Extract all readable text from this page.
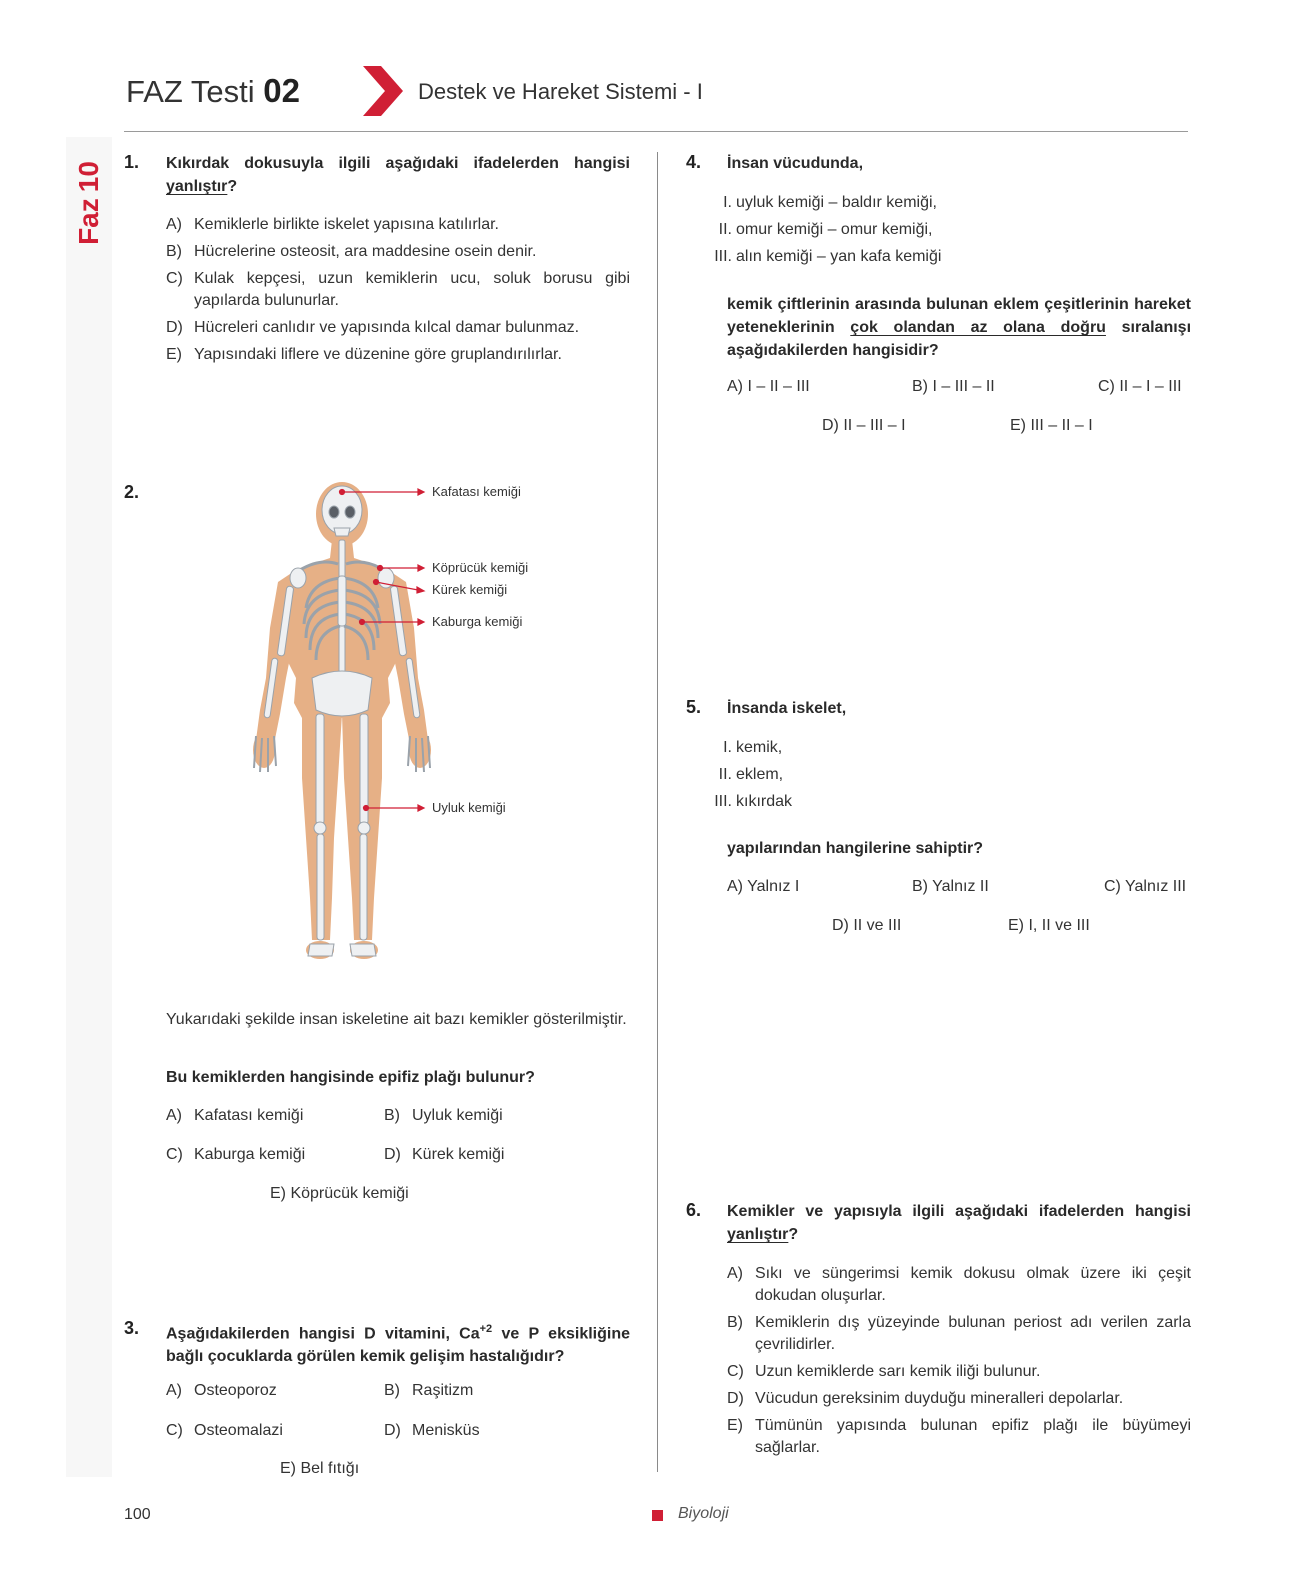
FAZ Testi 02	Destek ve Hareket Sistemi - I
Faz10 1. Kıkırdak dokusuyla ilgili aşağıdaki ifadelerden hangisi yanlıştır?
A) Kemiklerle birlikte iskelet yapısına katılırlar.
B) Hücrelerine osteosit, ara maddesine osein denir.
C) Kulak kepçesi, uzun kemiklerin ucu, soluk borusu gibi yapılarda bulunurlar.
D) Hücreleri canlıdır ve yapısında kılcal damar bulunmaz.
E) Yapısındaki liflere ve düzenine göre gruplandırılırlar.
2.	Kafatası kemiği
Köprücük kemiği
Kürek kemiği
Kaburga kemiği
Uyluk kemiği
Yukarıdaki şekilde insan iskeletine ait bazı kemikler gösterilmiştir.
Bu kemiklerden hangisinde epifiz plağı bulunur?
A) Kafatası kemiği	B) Uyluk kemiği
C) Kaburga kemiği	D) Kürek kemiği
E) Köprücük kemiği
3. Aşağıdakilerden hangisi D vitamini, $Ca^{+2}$ ve P eksikliğine bağlı çocuklarda görülen kemik gelişim hastalığıdır?
A) Osteoporoz	B) Raşitizm
C) Osteomalazi	D) Menisküs
E) Bel fıtığı
4. İnsan vücudunda,
I. uyluk kemiği – baldır kemiği,
II. omur kemiği – omur kemiği,
III. alın kemiği – yan kafa kemiği
kemik çiftlerinin arasında bulunan eklem çeşitlerinin hareket yeteneklerinin çok olandan az olana doğru sıralanışı aşağıdakilerden hangisidir?
A) I – II – III	B) I – III – II	C) II – I – III
D) II – III – I	E) III – II – I
5. İnsanda iskelet,
I. kemik,
II. eklem,
III. kıkırdak
yapılarından hangilerine sahiptir?
A) Yalnız I	B) Yalnız II	C) Yalnız III
D) II ve III	E) I, II ve III
6. Kemikler ve yapısıyla ilgili aşağıdaki ifadelerden hangisi yanlıştır?
A) Sıkı ve süngerimsi kemik dokusu olmak üzere iki çeşit dokudan oluşurlar.
B) Kemiklerin dış yüzeyinde bulunan periost adı verilen zarla çevrilidirler.
C) Uzun kemiklerde sarı kemik iliği bulunur.
D) Vücudun gereksinim duyduğu mineralleri depolarlar.
E) Tümünün yapısında bulunan epifiz plağı ile büyümeyi sağlarlar.
100	Biyoloji
